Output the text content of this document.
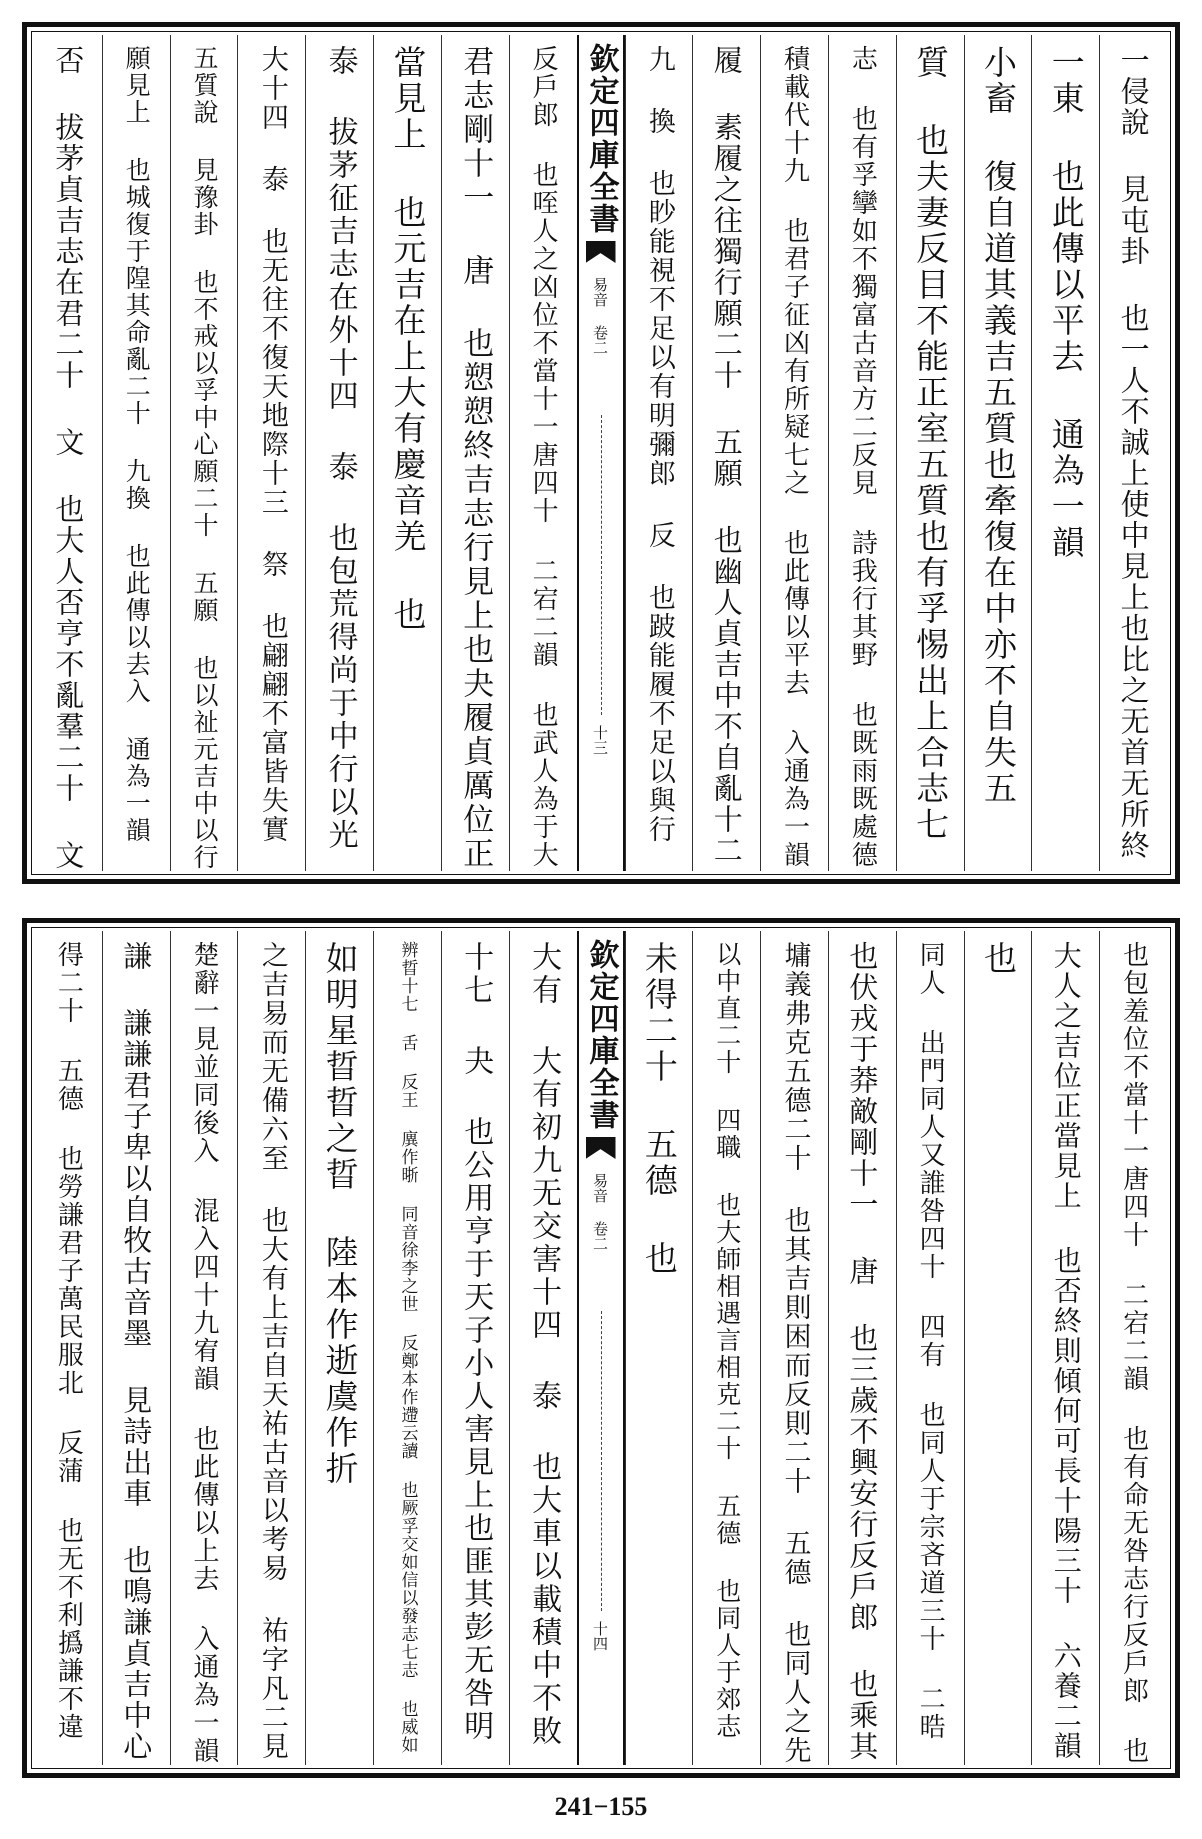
一侵說 見屯卦 也一人不誠上使中見上也比之无首无所終
一東 也此傳以平去 通為一韻
小畜 復自道其義吉五質也牽復在中亦不自失五
質 也夫妻反目不能正室五質也有孚惕出上合志七
志 也有孚攣如不獨富古音方二反見 詩我行其野 也既雨既處德
積載代十九 也君子征凶有所疑七之 也此傳以平去 入通為一韻
履 素履之往獨行願二十 五願 也幽人貞吉中不自亂十二
九 換 也眇能視不足以有明彌郎 反 也跛能履不足以與行
欽定四庫全書
易音 卷二
十三
反戶郎 也咥人之凶位不當十一唐四十 二宕二韻 也武人為于大
君志剛十一 唐 也愬愬終吉志行見上也夬履貞厲位正
當見上 也元吉在上大有慶音羌 也
泰 拔茅征吉志在外十四 泰 也包荒得尚于中行以光
大十四 泰 也无往不復天地際十三 祭 也翩翩不富皆失實
五質說 見豫卦 也不戒以孚中心願二十 五願 也以祉元吉中以行
願見上 也城復于隍其命亂二十 九換 也此傳以去入 通為一韻
否 拔茅貞吉志在君二十 文 也大人否亨不亂羣二十 文
也包羞位不當十一唐四十 二宕二韻 也有命无咎志行反戶郎 也
大人之吉位正當見上 也否終則傾何可長十陽三十 六養二韻
也
同人 出門同人又誰咎四十 四有 也同人于宗吝道三十 二晧
也伏戎于莽敵剛十一 唐 也三歲不興安行反戶郎 也乘其
墉義弗克五德二十 也其吉則困而反則二十 五德 也同人之先
以中直二十 四職 也大師相遇言相克二十 五德 也同人于郊志
未得二十 五德 也
欽定四庫全書
易音 卷二
十四
大有 大有初九无交害十四 泰 也大車以載積中不敗
十七 夬 也公用亨于天子小人害見上也匪其彭无咎明
辨晢十七 舌 反王 廙作晣 同音徐李之世 反鄭本作遰云讀 也厥孚交如信以發志七志 也威如
如明星晢晢之晢 陸本作逝虞作折
之吉易而无備六至 也大有上吉自天祐古音以考易 祐字凡二見
楚辭一見並同後入 混入四十九宥韻 也此傳以上去 入通為一韻
謙 謙謙君子卑以自牧古音墨 見詩出車 也鳴謙貞吉中心
得二十 五德 也勞謙君子萬民服北 反蒲 也无不利撝謙不違
241−155
